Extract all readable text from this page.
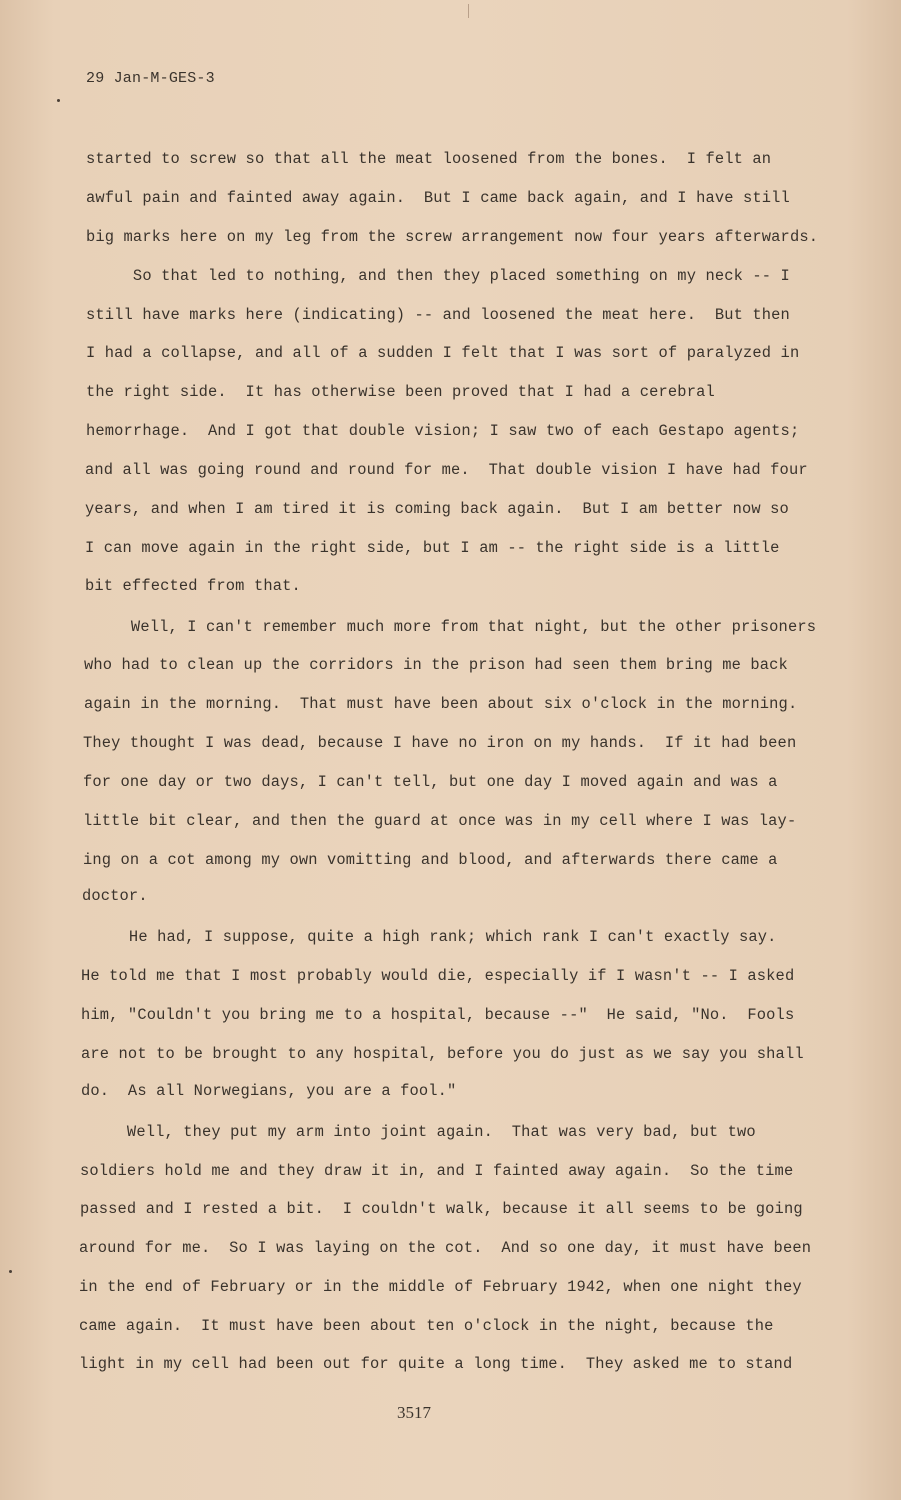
29 Jan-M-GES-3
started to screw so that all the meat loosened from the bones.  I felt an
awful pain and fainted away again.  But I came back again, and I have still
big marks here on my leg from the screw arrangement now four years afterwards.
So that led to nothing, and then they placed something on my neck -- I
still have marks here (indicating) -- and loosened the meat here.  But then
I had a collapse, and all of a sudden I felt that I was sort of paralyzed in
the right side.  It has otherwise been proved that I had a cerebral
hemorrhage.  And I got that double vision; I saw two of each Gestapo agents;
and all was going round and round for me.  That double vision I have had four
years, and when I am tired it is coming back again.  But I am better now so
I can move again in the right side, but I am -- the right side is a little
bit effected from that.
Well, I can't remember much more from that night, but the other prisoners
who had to clean up the corridors in the prison had seen them bring me back
again in the morning.  That must have been about six o'clock in the morning.
They thought I was dead, because I have no iron on my hands.  If it had been
for one day or two days, I can't tell, but one day I moved again and was a
little bit clear, and then the guard at once was in my cell where I was lay-
ing on a cot among my own vomitting and blood, and afterwards there came a
doctor.
He had, I suppose, quite a high rank; which rank I can't exactly say.
He told me that I most probably would die, especially if I wasn't -- I asked
him, "Couldn't you bring me to a hospital, because --"  He said, "No.  Fools
are not to be brought to any hospital, before you do just as we say you shall
do.  As all Norwegians, you are a fool."
Well, they put my arm into joint again.  That was very bad, but two
soldiers hold me and they draw it in, and I fainted away again.  So the time
passed and I rested a bit.  I couldn't walk, because it all seems to be going
around for me.  So I was laying on the cot.  And so one day, it must have been
in the end of February or in the middle of February 1942, when one night they
came again.  It must have been about ten o'clock in the night, because the
light in my cell had been out for quite a long time.  They asked me to stand
3517
